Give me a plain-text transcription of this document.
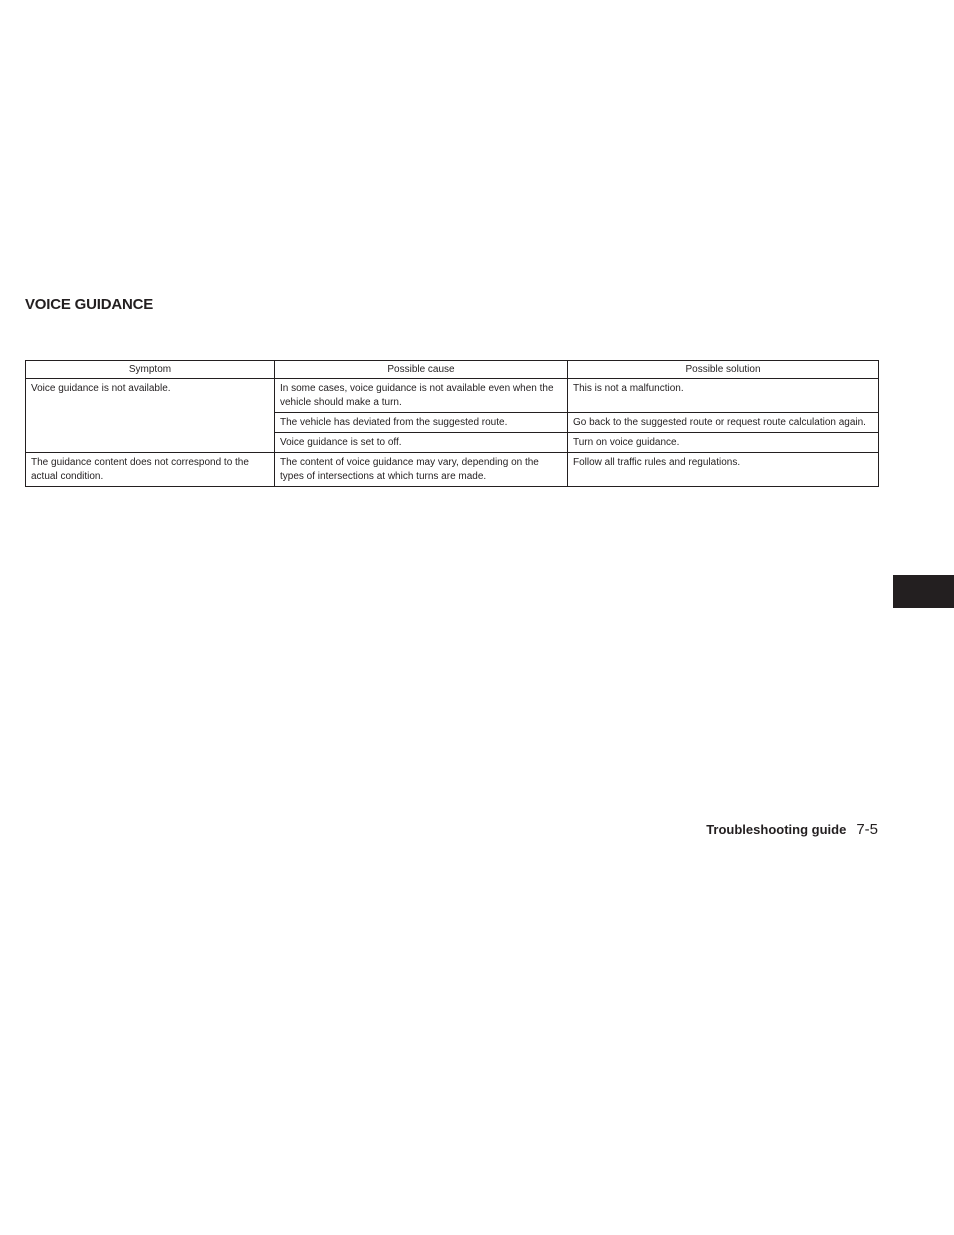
VOICE GUIDANCE
Symptom	Possible cause	Possible solution
Voice guidance is not available.	In some cases, voice guidance is not available even when the vehicle should make a turn.	This is not a malfunction.
	The vehicle has deviated from the suggested route.	Go back to the suggested route or request route calculation again.
	Voice guidance is set to off.	Turn on voice guidance.
The guidance content does not correspond to the actual condition.	The content of voice guidance may vary, depending on the types of intersections at which turns are made.	Follow all traffic rules and regulations.
Troubleshooting guide 7-5
